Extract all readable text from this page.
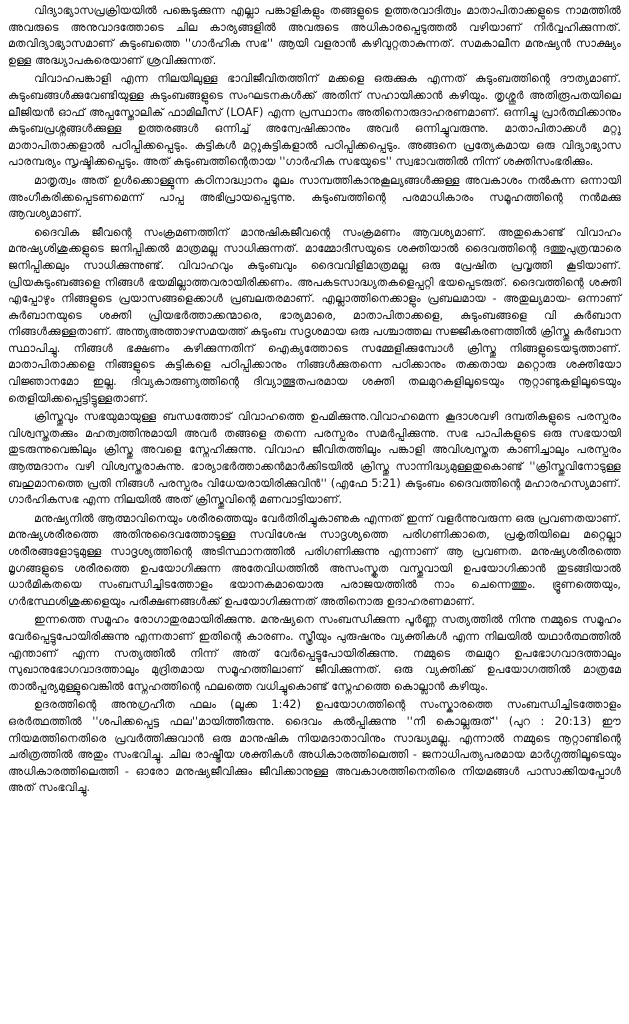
വിദ്യാഭ്യാസപ്രക്രിയയിൽ പങ്കെടുക്കുന്ന എല്ലാ പങ്കാളികളും തങ്ങളുടെ ഉത്തരവാദിത്വം മാതാപിതാക്കളുടെ നാമത്തിൽ അവരുടെ അനുവാദത്തോടെ ചില കാര്യങ്ങളിൽ അവരുടെ അധികാരപ്പെടുത്തൽ വഴിയാണ് നിർവ്വഹിക്കുന്നത്. മതവിദ്യാഭ്യാസമാണ് കുടുംബത്തെ ''ഗാർഹിക സഭ'' ആയി വളരാൻ കഴിവുറ്റതാകുന്നത്. സമകാലീന മനുഷ്യൻ സാക്ഷ്യം ഉള്ള അദ്ധ്യാപകരെയാണ് ശ്രവിക്കുന്നത്.

വിവാഹപങ്കാളി എന്ന നിലയിലുള്ള ഭാവിജീവിതത്തിന് മക്കളെ ഒരുക്കുക എന്നത് കുടുംബത്തിന്റെ ദൗത്യമാണ്. കുടുംബങ്ങൾക്കുവേണ്ടിയുള്ള കുടുംബങ്ങളുടെ സംഘടനകൾക്ക് അതിന് സഹായിക്കാൻ കഴിയും. തൃശ്ശൂർ അതിരൂപതയിലെ ലീജിയൻ ഓഫ് അപ്പസ്തോലിക് ഫാമിലീസ് (LOAF) എന്ന പ്രസ്ഥാനം അതിനൊരുദാഹരണമാണ്. ഒന്നിച്ചു പ്രാർത്ഥിക്കാനും കുടുംബപ്രശ്നങ്ങൾക്കുള്ള ഉത്തരങ്ങൾ ഒന്നിച്ച് അന്വേഷിക്കാനും അവർ ഒന്നിച്ചുവരുന്നു. മാതാപിതാക്കൾ മറ്റു മാതാപിതാക്കളാൽ പഠിപ്പിക്കപ്പെടും. കുട്ടികൾ മറ്റുകുട്ടികളാൽ പഠിപ്പിക്കപ്പെടും. അങ്ങനെ പ്രത്യേകമായ ഒരു വിദ്യാഭ്യാസ പാരമ്പര്യം സൃഷ്ടിക്കപ്പെടും. അത് കുടുംബത്തിന്റെതായ ''ഗാർഹിക സഭയുടെ'' സ്വഭാവത്തിൽ നിന്ന് ശക്തിസംഭരിക്കും.

മാതൃത്വം അത് ഉൾക്കൊള്ളുന്ന കഠിനാദ്ധ്വാനം മൂലം സാമ്പത്തികാനുകൂല്യങ്ങൾക്കുള്ള അവകാശം നൽകുന്ന ഒന്നായി അംഗീകരിക്കപ്പെടണമെന്ന് പാപ്പ അഭിപ്രായപ്പെടുന്നു. കുടുംബത്തിന്റെ പരമാധികാരം സമൂഹത്തിന്റെ നൻമക്കു ആവശ്യമാണ്.

ദൈവിക ജീവന്റെ സംക്രമണത്തിന് മാനുഷികജീവന്റെ സംക്രമണം ആവശ്യമാണ്. അതുകൊണ്ട് വിവാഹം മനുഷ്യശിശുക്കളുടെ ജനിപ്പിക്കൽ മാത്രമല്ല സാധിക്കുന്നത്. മാമ്മോദീസയുടെ ശക്തിയാൽ ദൈവത്തിന്റെ ദത്തുപുത്രന്മാരെ ജനിപ്പിക്കലും സാധിക്കുന്നുണ്ട്. വിവാഹവും കുടുംബവും ദൈവവിളിമാത്രമല്ല ഒരു പ്രേഷിത പ്രവൃത്തി കൂടിയാണ്. പ്രിയകുടുംബങ്ങളെ നിങ്ങൾ ഭയമില്ലാത്തവരായിരിക്കണം. അപകടസാദ്ധ്യതകളെപ്പറ്റി ഭയപ്പെടരുത്. ദൈവത്തിന്റെ ശക്തി എപ്പോഴും നിങ്ങളുടെ പ്രയാസങ്ങളെക്കാൾ പ്രബലതരമാണ്. എല്ലാത്തിനെക്കാളും പ്രബലമായ - അതുല്യമായ- ഒന്നാണ് കുർബാനയുടെ ശക്തി പ്രിയഭർത്താക്കന്മാരെ, ഭാര്യമാരെ, മാതാപിതാക്കളെ, കുടുംബങ്ങളെ വി കുർബാന നിങ്ങൾക്കുള്ളതാണ്. അന്ത്യഅത്താഴസമയത്ത് കുടുംബ സദൃശമായ ഒരു പശ്ചാത്തല സജ്ജീകരണത്തിൽ ക്രിസ്തു കുർബാന സ്ഥാപിച്ചു. നിങ്ങൾ ഭക്ഷണം കഴിക്കുന്നതിന് ഐക്യത്തോടെ സമ്മേളിക്കുമ്പോൾ ക്രിസ്തു നിങ്ങളുടെയടുത്താണ്. മാതാപിതാക്കളെ നിങ്ങളുടെ കുട്ടികളെ പഠിപ്പിക്കാനും നിങ്ങൾക്കുതന്നെ പഠിക്കാനും തക്കതായ മറ്റൊരു ശക്തിയോ വിജ്ഞാനമോ ഇല്ല. ദിവ്യകാരുണ്യത്തിന്റെ ദിവ്യാത്ഭുതപരമായ ശക്തി തലമുറകളിലൂടെയും നൂറ്റാണ്ടുകളിലൂടെയും തെളിയിക്കപ്പെട്ടിട്ടുള്ളതാണ്.

ക്രിസ്തുവും സഭയുമായുള്ള ബന്ധത്തോട് വിവാഹത്തെ ഉപമിക്കുന്നു.വിവാഹമെന്ന കൂദാശവഴി ദമ്പതികളുടെ പരസ്പരം വിശ്വസ്തതക്കും മഹത്വത്തിനുമായി അവർ തങ്ങളെ തന്നെ പരസ്പരം സമർപ്പിക്കുന്നു. സഭ പാപികളുടെ ഒരു സഭയായി തുടരുന്നുവെങ്കിലും ക്രിസ്തു അവളെ സ്നേഹിക്കുന്നു. വിവാഹ ജീവിതത്തിലും പങ്കാളി അവിശ്വസ്തത കാണിച്ചാലും പരസ്പരം ആത്മദാനം വഴി വിശ്വസ്തരാകുന്നു. ഭാര്യാഭർത്താക്കൻമാർക്കിടയിൽ ക്രിസ്തു സാന്നിദ്ധ്യമുള്ളതുകൊണ്ട് ''ക്രിസ്തുവിനോടുള്ള ബഹുമാനത്തെ പ്രതി നിങ്ങൾ പരസ്പരം വിധേയരായിരിക്കുവിൻ'' (എഫേ 5:21) കുടുംബം ദൈവത്തിന്റെ മഹാരഹസ്യമാണ്. ഗാർഹികസഭ എന്ന നിലയിൽ അത് ക്രിസ്തുവിന്റെ മണവാട്ടിയാണ്.

മനുഷ്യനിൽ ആത്മാവിനെയും ശരീരത്തെയും വേർതിരിച്ചുകാണുക എന്നത് ഇന്ന് വളർന്നുവരുന്ന ഒരു പ്രവണതയാണ്. മനുഷ്യശരീരത്തെ അതിനുദൈവത്തോടുള്ള സവിശേഷ സാദൃശ്യത്തെ പരിഗണിക്കാതെ, പ്രകൃതിയിലെ മറ്റെല്ലാ ശരീരങ്ങളോടുമുള്ള സാദൃശ്യത്തിന്റെ അടിസ്ഥാനത്തിൽ പരിഗണിക്കുന്നു എന്നാണ് ആ പ്രവണത. മനുഷ്യശരീരത്തെ മൃഗങ്ങളുടെ ശരീരത്തെ ഉപയോഗിക്കുന്ന അതേവിധത്തിൽ അസംസ്കൃത വസ്തുവായി ഉപയോഗിക്കാൻ തുടങ്ങിയാൽ ധാർമികതയെ സംബന്ധിച്ചിടത്തോളം ഭയാനകമായൊരു പരാജയത്തിൽ നാം ചെന്നെത്തും. ഭ്രൂണത്തെയും, ഗർഭസ്ഥശിശുക്കളെയും പരീക്ഷണങ്ങൾക്ക് ഉപയോഗിക്കുന്നത് അതിനൊരു ഉദാഹരണമാണ്.

ഇന്നത്തെ സമൂഹം രോഗാതുരമായിരിക്കുന്നു. മനുഷ്യനെ സംബന്ധിക്കുന്ന പൂർണ്ണ സത്യത്തിൽ നിന്നു നമ്മുടെ സമൂഹം വേർപ്പെട്ടുപോയിരിക്കുന്നു എന്നതാണ് ഇതിന്റെ കാരണം. സ്ത്രീയും പുരുഷനും വ്യക്തികൾ എന്ന നിലയിൽ യഥാർത്ഥത്തിൽ എന്താണ് എന്ന സത്യത്തിൽ നിന്ന് അത് വേർപ്പെട്ടുപോയിരിക്കുന്നു. നമ്മുടെ തലമുറ ഉപഭോഗവാദത്താലും സുഖാനുഭോഗവാദത്താലും മുദ്രിതമായ സമൂഹത്തിലാണ് ജീവിക്കുന്നത്. ഒരു വ്യക്തിക്ക് ഉപയോഗത്തിൽ മാത്രമേ താൽപ്പര്യമുള്ളുവെങ്കിൽ സ്നേഹത്തിന്റെ ഫലത്തെ വധിച്ചുകൊണ്ട് സ്നേഹത്തെ കൊല്ലാൻ കഴിയും.

ഉദരത്തിന്റെ അനുഗ്രഹീത ഫലം (ലൂക്ക 1:42) ഉപയോഗത്തിന്റെ സംസ്കാരത്തെ സംബന്ധിച്ചിടത്തോളം ഒരർത്ഥത്തിൽ ''ശപിക്കപ്പെട്ട ഫല''മായിത്തീരുന്നു. ദൈവം കൽപ്പിക്കുന്നു ''നീ കൊല്ലരുത്'' (പുറ : 20:13) ഈ നിയമത്തിനെതിരെ പ്രവർത്തിക്കുവാൻ ഒരു മാനുഷിക നിയമദാതാവിനും സാദ്ധ്യമല്ല. എന്നാൽ നമ്മുടെ നൂറ്റാണ്ടിന്റെ ചരിത്രത്തിൽ അതും സംഭവിച്ചു. ചില രാഷ്ട്രീയ ശക്തികൾ അധികാരത്തിലെത്തി - ജനാധിപത്യപരമായ മാർഗ്ഗത്തിലൂടെയും അധികാരത്തിലെത്തി - ഓരോ മനുഷ്യജീവിക്കും ജീവിക്കാനുള്ള അവകാശത്തിനെതിരെ നിയമങ്ങൾ പാസാക്കിയപ്പോൾ അത് സംഭവിച്ചു.
